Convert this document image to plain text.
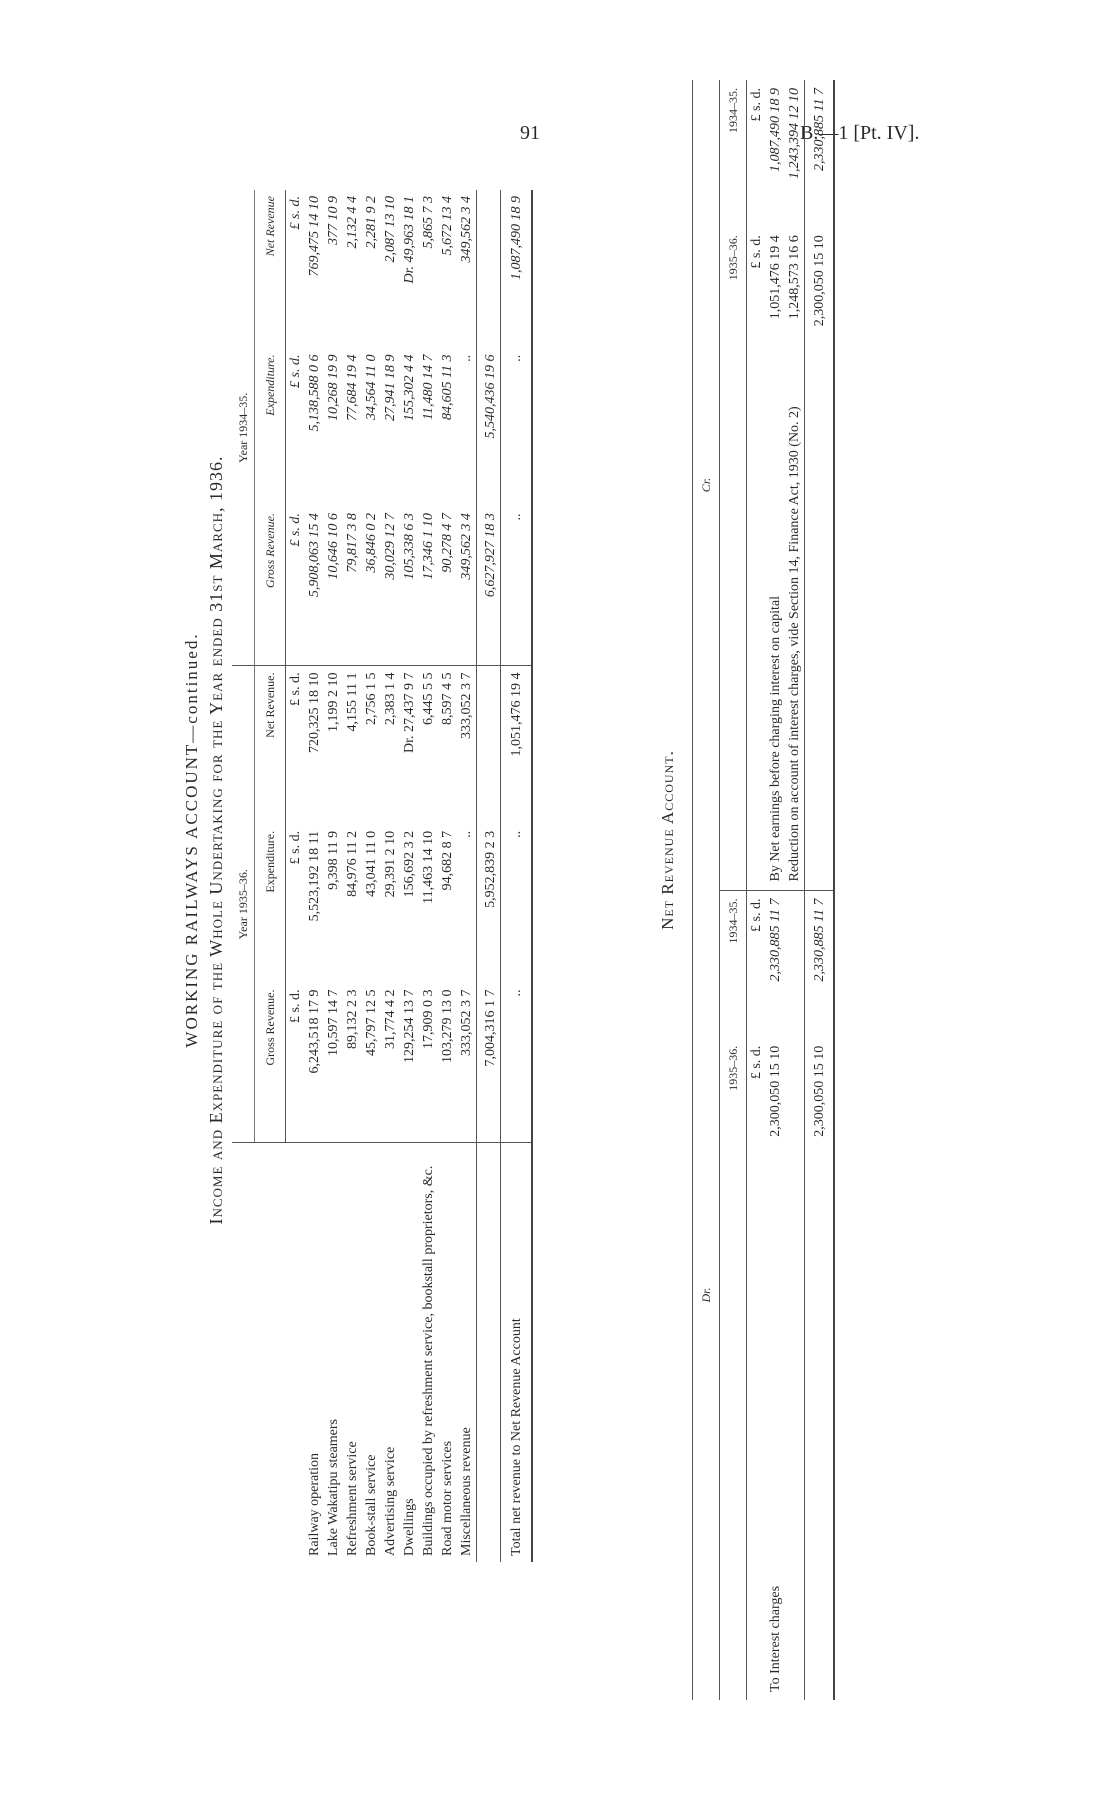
91	B.—1 [Pt. IV].
WORKING RAILWAYS ACCOUNT—continued. Income and Expenditure of the Whole Undertaking for the Year ended 31st March, 1936.
	Year 1935–36.			Year 1934–35.		
	Gross Revenue.	Expenditure.	Net Revenue.	Gross Revenue.	Expenditure.	Net Revenue
	£ s. d.	£ s. d.	£ s. d.	£ s. d.	£ s. d.	£ s. d.
Railway operation	6,243,518 17 9	5,523,192 18 11	720,325 18 10	5,908,063 15 4	5,138,588 0 6	769,475 14 10
Lake Wakatipu steamers	10,597 14 7	9,398 11 9	1,199 2 10	10,646 10 6	10,268 19 9	377 10 9
Refreshment service	89,132 2 3	84,976 11 2	4,155 11 1	79,817 3 8	77,684 19 4	2,132 4 4
Book-stall service	45,797 12 5	43,041 11 0	2,756 1 5	36,846 0 2	34,564 11 0	2,281 9 2
Advertising service	31,774 4 2	29,391 2 10	2,383 1 4	30,029 12 7	27,941 18 9	2,087 13 10
Dwellings	129,254 13 7	156,692 3 2	Dr. 27,437 9 7	105,338 6 3	155,302 4 4	Dr. 49,963 18 1
Buildings occupied by refreshment service, bookstall proprietors, &c.	17,909 0 3	11,463 14 10	6,445 5 5	17,346 1 10	11,480 14 7	5,865 7 3
Road motor services	103,279 13 0	94,682 8 7	8,597 4 5	90,278 4 7	84,605 11 3	5,672 13 4
Miscellaneous revenue	333,052 3 7	..	333,052 3 7	349,562 3 4	..	349,562 3 4
	7,004,316 1 7	5,952,839 2 3		6,627,927 18 3	5,540,436 19 6	
Total net revenue to Net Revenue Account	..	..	1,051,476 19 4	..	..	1,087,490 18 9
Net Revenue Account.
Dr.			Cr.		
	1935–36.	1934–35.		1935–36.	1934–35.
	£ s. d.	£ s. d.		£ s. d.	£ s. d.
To Interest charges	2,300,050 15 10	2,330,885 11 7	By Net earnings before charging interest on capital	1,051,476 19 4	1,087,490 18 9
			Reduction on account of interest charges, vide Section 14, Finance Act, 1930 (No. 2)	1,248,573 16 6	1,243,394 12 10
	2,300,050 15 10	2,330,885 11 7		2,300,050 15 10	2,330,885 11 7
